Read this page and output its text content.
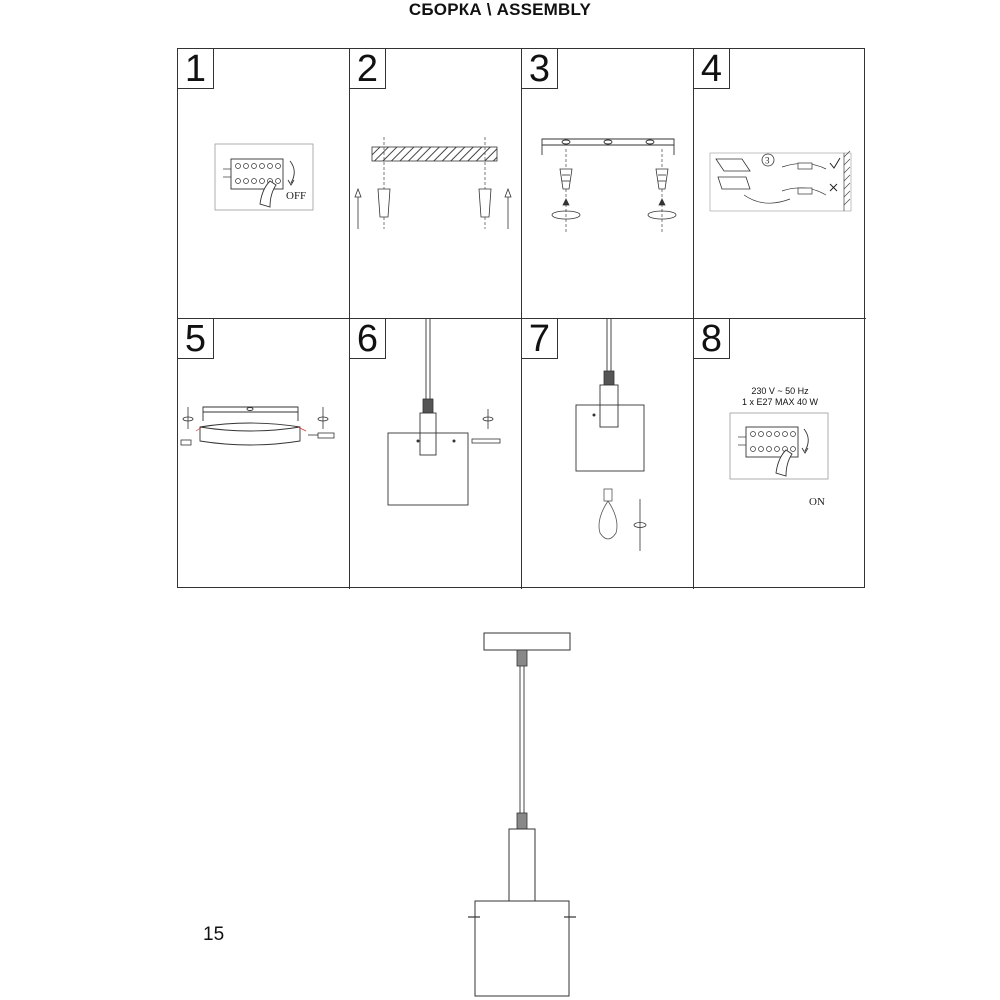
СБОРКА \ ASSEMBLY
1
OFF
2	3	4
3
5	6	7	8
230 V ~ 50 Hz
1 x E27 MAX 40 W
ON
15
